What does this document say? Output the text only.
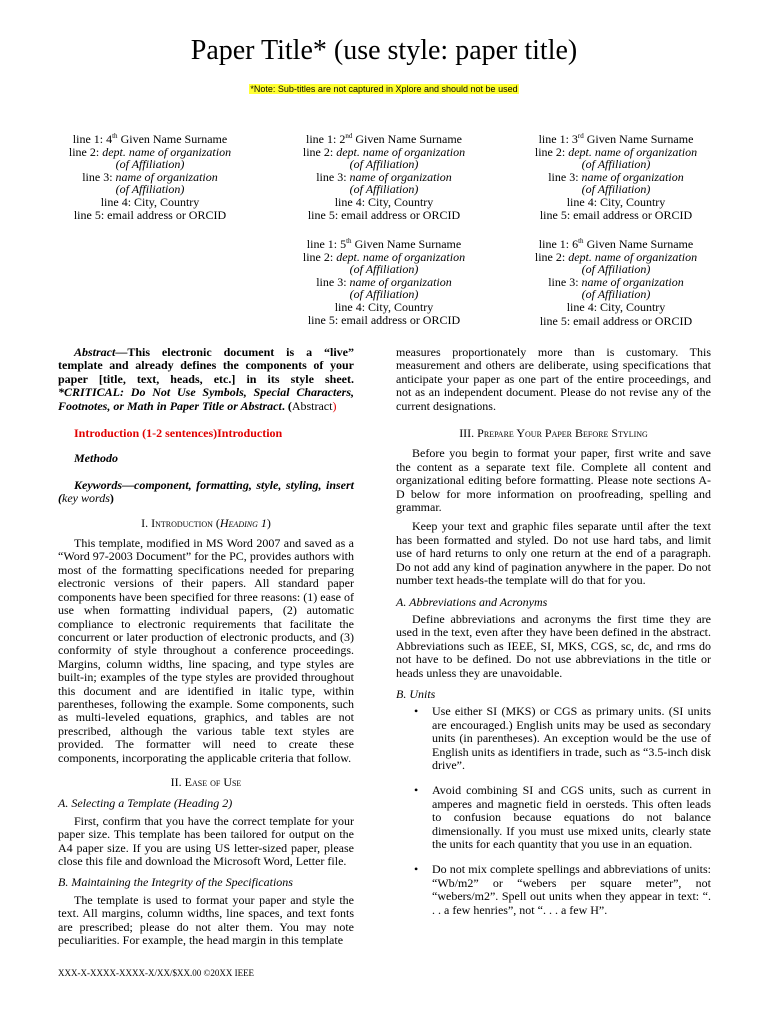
Paper Title* (use style: paper title)
*Note: Sub-titles are not captured in Xplore and should not be used
line 1: 4th Given Name Surname
line 2: dept. name of organization
(of Affiliation)
line 3: name of organization
(of Affiliation)
line 4: City, Country
line 5: email address or ORCID
line 1: 2nd Given Name Surname
line 2: dept. name of organization
(of Affiliation)
line 3: name of organization
(of Affiliation)
line 4: City, Country
line 5: email address or ORCID
line 1: 3rd Given Name Surname
line 2: dept. name of organization
(of Affiliation)
line 3: name of organization
(of Affiliation)
line 4: City, Country
line 5: email address or ORCID
line 1: 5th Given Name Surname
line 2: dept. name of organization
(of Affiliation)
line 3: name of organization
(of Affiliation)
line 4: City, Country
line 5: email address or ORCID
line 1: 6th Given Name Surname
line 2: dept. name of organization
(of Affiliation)
line 3: name of organization
(of Affiliation)
line 4: City, Country
line 5: email address or ORCID

Abstract—This electronic document is a “live” template and already defines the components of your paper [title, text, heads, etc.] in its style sheet. *CRITICAL: Do Not Use Symbols, Special Characters, Footnotes, or Math in Paper Title or Abstract. (Abstract)

Introduction (1-2 sentences)Introduction

Methodo

Keywords—component, formatting, style, styling, insert (key words)

I. Introduction (Heading 1)

This template, modified in MS Word 2007 and saved as a “Word 97-2003 Document” for the PC, provides authors with most of the formatting specifications needed for preparing electronic versions of their papers. All standard paper components have been specified for three reasons: (1) ease of use when formatting individual papers, (2) automatic compliance to electronic requirements that facilitate the concurrent or later production of electronic products, and (3) conformity of style throughout a conference proceedings. Margins, column widths, line spacing, and type styles are built-in; examples of the type styles are provided throughout this document and are identified in italic type, within parentheses, following the example. Some components, such as multi-leveled equations, graphics, and tables are not prescribed, although the various table text styles are provided. The formatter will need to create these components, incorporating the applicable criteria that follow.

II. Ease of Use

A. Selecting a Template (Heading 2)

First, confirm that you have the correct template for your paper size. This template has been tailored for output on the A4 paper size. If you are using US letter-sized paper, please close this file and download the Microsoft Word, Letter file.

B. Maintaining the Integrity of the Specifications

The template is used to format your paper and style the text. All margins, column widths, line spaces, and text fonts are prescribed; please do not alter them. You may note peculiarities. For example, the head margin in this template

measures proportionately more than is customary. This measurement and others are deliberate, using specifications that anticipate your paper as one part of the entire proceedings, and not as an independent document. Please do not revise any of the current designations.

III. Prepare Your Paper Before Styling

Before you begin to format your paper, first write and save the content as a separate text file. Complete all content and organizational editing before formatting. Please note sections A-D below for more information on proofreading, spelling and grammar.

Keep your text and graphic files separate until after the text has been formatted and styled. Do not use hard tabs, and limit use of hard returns to only one return at the end of a paragraph. Do not add any kind of pagination anywhere in the paper. Do not number text heads-the template will do that for you.

A. Abbreviations and Acronyms

Define abbreviations and acronyms the first time they are used in the text, even after they have been defined in the abstract. Abbreviations such as IEEE, SI, MKS, CGS, sc, dc, and rms do not have to be defined. Do not use abbreviations in the title or heads unless they are unavoidable.

B. Units

• Use either SI (MKS) or CGS as primary units. (SI units are encouraged.) English units may be used as secondary units (in parentheses). An exception would be the use of English units as identifiers in trade, such as “3.5-inch disk drive”.
• Avoid combining SI and CGS units, such as current in amperes and magnetic field in oersteds. This often leads to confusion because equations do not balance dimensionally. If you must use mixed units, clearly state the units for each quantity that you use in an equation.
• Do not mix complete spellings and abbreviations of units: “Wb/m2” or “webers per square meter”, not “webers/m2”. Spell out units when they appear in text: “. . . a few henries”, not “. . . a few H”.
XXX-X-XXXX-XXXX-X/XX/$XX.00 ©20XX IEEE
